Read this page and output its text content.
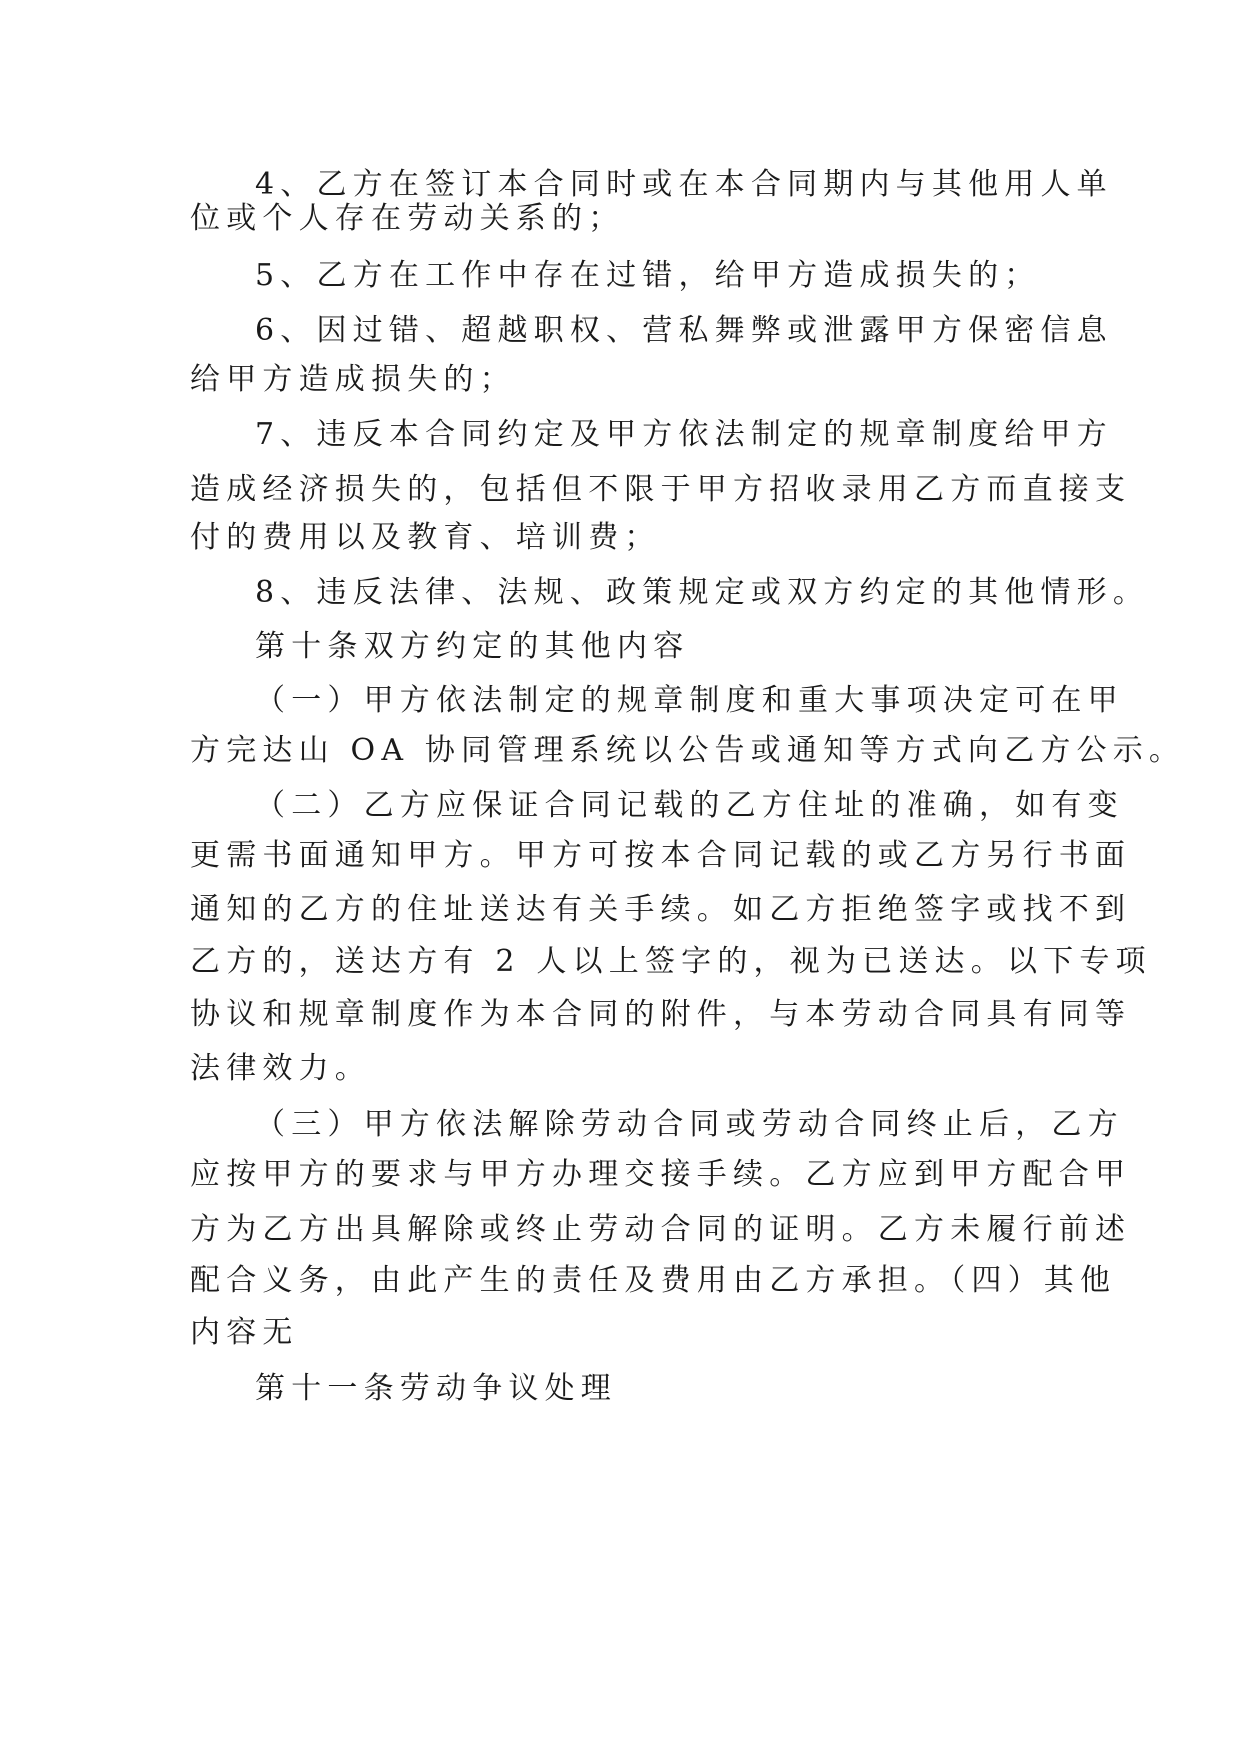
4、乙方在签订本合同时或在本合同期内与其他用人单
位或个人存在劳动关系的；
5、乙方在工作中存在过错，给甲方造成损失的；
6、因过错、超越职权、营私舞弊或泄露甲方保密信息
给甲方造成损失的；
7、违反本合同约定及甲方依法制定的规章制度给甲方
造成经济损失的，包括但不限于甲方招收录用乙方而直接支
付的费用以及教育、培训费；
8、违反法律、法规、政策规定或双方约定的其他情形。
第十条双方约定的其他内容
（一）甲方依法制定的规章制度和重大事项决定可在甲
方完达山 OA 协同管理系统以公告或通知等方式向乙方公示。
（二）乙方应保证合同记载的乙方住址的准确，如有变
更需书面通知甲方。甲方可按本合同记载的或乙方另行书面
通知的乙方的住址送达有关手续。如乙方拒绝签字或找不到
乙方的，送达方有 2 人以上签字的，视为已送达。以下专项
协议和规章制度作为本合同的附件，与本劳动合同具有同等
法律效力。
（三）甲方依法解除劳动合同或劳动合同终止后，乙方
应按甲方的要求与甲方办理交接手续。乙方应到甲方配合甲
方为乙方出具解除或终止劳动合同的证明。乙方未履行前述
配合义务，由此产生的责任及费用由乙方承担。（四）其他
内容无
第十一条劳动争议处理
